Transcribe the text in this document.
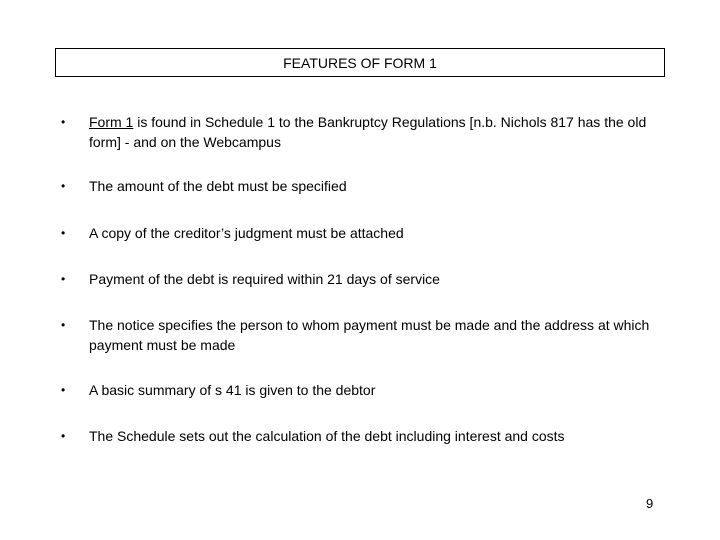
FEATURES OF FORM 1
• Form 1 is found in Schedule 1 to the Bankruptcy Regulations [n.b. Nichols 817 has the old form] - and on the Webcampus
• The amount of the debt must be specified
• A copy of the creditor’s judgment must be attached
• Payment of the debt is required within 21 days of service
• The notice specifies the person to whom payment must be made and the address at which payment must be made
• A basic summary of s 41 is given to the debtor
• The Schedule sets out the calculation of the debt including interest and costs
9
